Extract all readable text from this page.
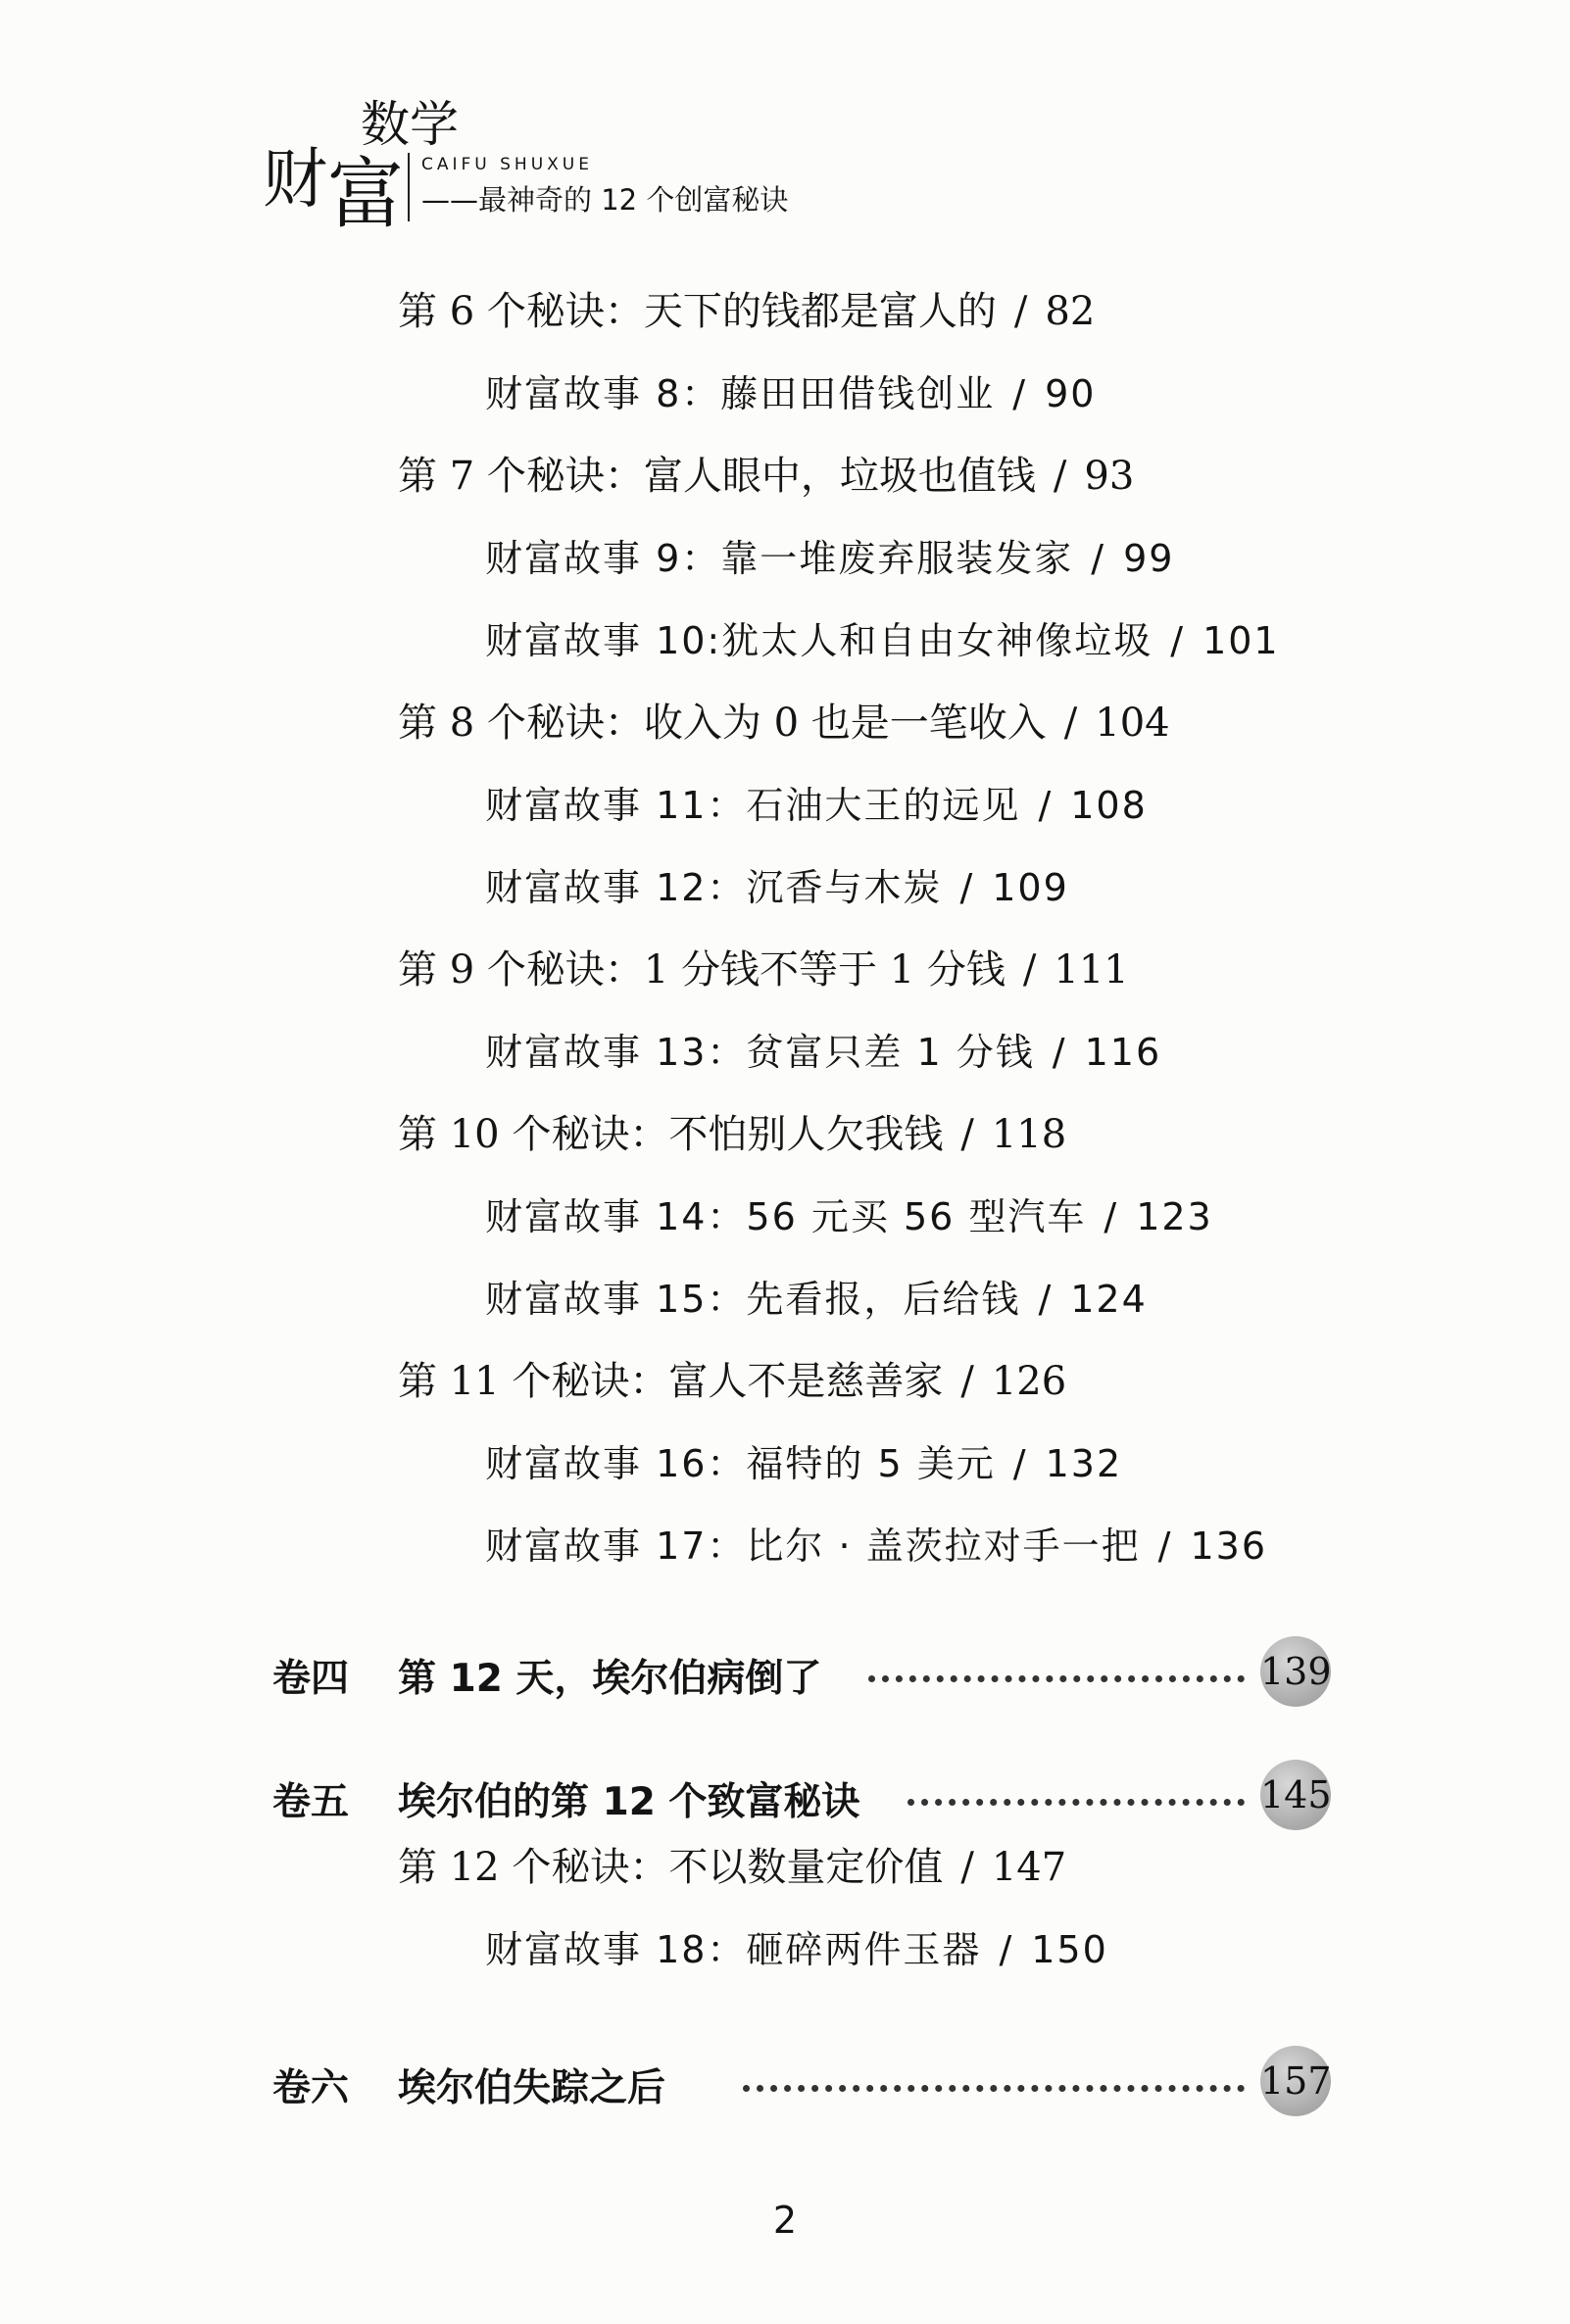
数学
财 富 CAIFU SHUXUE
——最神奇的 12 个创富秘诀
第 6 个秘诀：天下的钱都是富人的 / 82
财富故事 8：藤田田借钱创业 / 90
第 7 个秘诀：富人眼中，垃圾也值钱 / 93
财富故事 9：靠一堆废弃服装发家 / 99
财富故事 10:犹太人和自由女神像垃圾 / 101
第 8 个秘诀：收入为 0 也是一笔收入 / 104
财富故事 11：石油大王的远见 / 108
财富故事 12：沉香与木炭 / 109
第 9 个秘诀：1 分钱不等于 1 分钱 / 111
财富故事 13：贫富只差 1 分钱 / 116
第 10 个秘诀：不怕别人欠我钱 / 118
财富故事 14：56 元买 56 型汽车 / 123
财富故事 15：先看报，后给钱 / 124
第 11 个秘诀：富人不是慈善家 / 126
财富故事 16：福特的 5 美元 / 132
财富故事 17：比尔 · 盖茨拉对手一把 / 136
卷四 第 12 天，埃尔伯病倒了	139
卷五 埃尔伯的第 12 个致富秘诀	145
第 12 个秘诀：不以数量定价值 / 147
财富故事 18：砸碎两件玉器 / 150
卷六 埃尔伯失踪之后	157
2
